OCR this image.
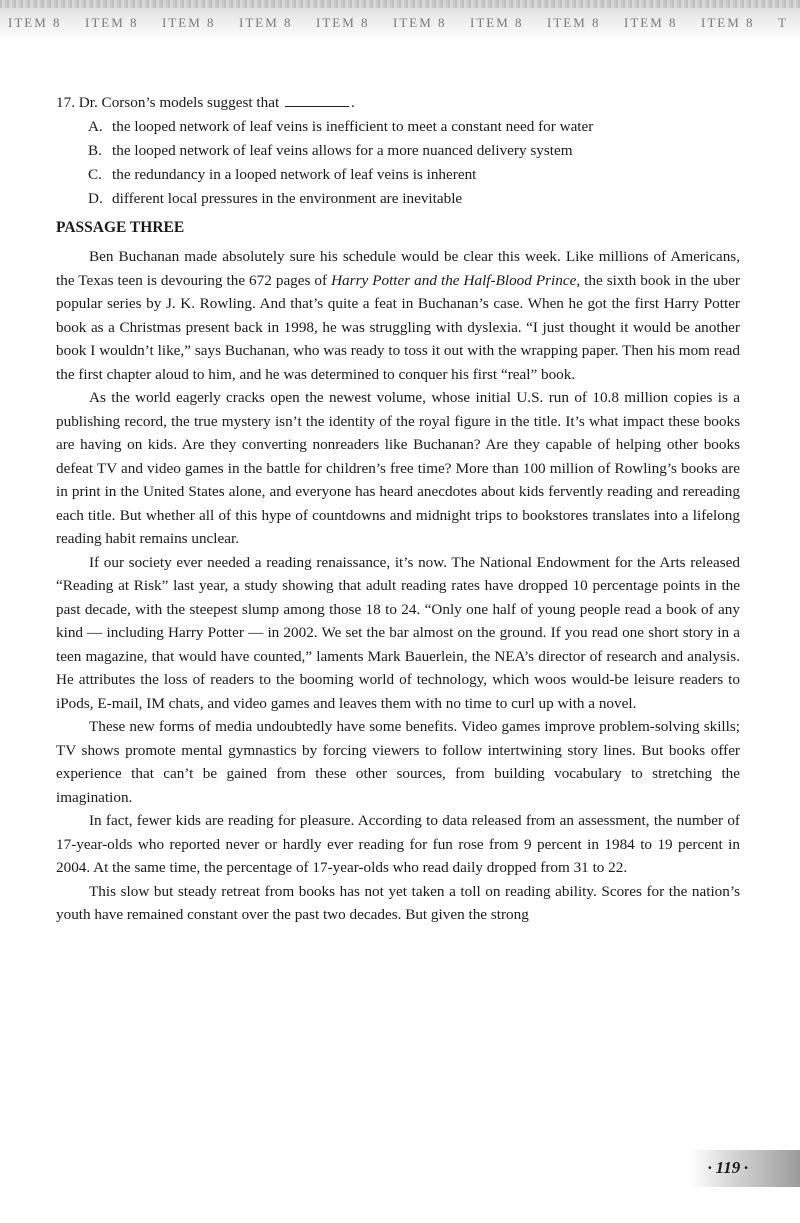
ITEM 8	ITEM 8	ITEM 8	ITEM 8	ITEM 8	ITEM 8	ITEM 8	ITEM 8	ITEM 8	ITEM 8	T

17. Dr. Corson’s models suggest that	.

A. the looped network of leaf veins is inefficient to meet a constant need for water
B. the looped network of leaf veins allows for a more nuanced delivery system
C. the redundancy in a looped network of leaf veins is inherent
D. different local pressures in the environment are inevitable
PASSAGE THREE

Ben Buchanan made absolutely sure his schedule would be clear this week. Like millions of Americans, the Texas teen is devouring the 672 pages of Harry Potter and the Half-Blood Prince, the sixth book in the uber popular series by J. K. Rowling. And that’s quite a feat in Buchanan’s case. When he got the first Harry Potter book as a Christmas present back in 1998, he was struggling with dyslexia. “I just thought it would be another book I wouldn’t like,” says Buchanan, who was ready to toss it out with the wrapping paper. Then his mom read the first chapter aloud to him, and he was determined to conquer his first “real” book.

As the world eagerly cracks open the newest volume, whose initial U.S. run of 10.8 million copies is a publishing record, the true mystery isn’t the identity of the royal figure in the title. It’s what impact these books are having on kids. Are they converting nonreaders like Buchanan? Are they capable of helping other books defeat TV and video games in the battle for children’s free time? More than 100 million of Rowling’s books are in print in the United States alone, and everyone has heard anecdotes about kids fervently reading and rereading each title. But whether all of this hype of countdowns and midnight trips to bookstores translates into a lifelong reading habit remains unclear.

If our society ever needed a reading renaissance, it’s now. The National Endowment for the Arts released “Reading at Risk” last year, a study showing that adult reading rates have dropped 10 percentage points in the past decade, with the steepest slump among those 18 to 24. “Only one half of young people read a book of any kind — including Harry Potter — in 2002. We set the bar almost on the ground. If you read one short story in a teen magazine, that would have counted,” laments Mark Bauerlein, the NEA’s director of research and analysis. He attributes the loss of readers to the booming world of technology, which woos would-be leisure readers to iPods, E-mail, IM chats, and video games and leaves them with no time to curl up with a novel.

These new forms of media undoubtedly have some benefits. Video games improve problem-solving skills; TV shows promote mental gymnastics by forcing viewers to follow intertwining story lines. But books offer experience that can’t be gained from these other sources, from building vocabulary to stretching the imagination.

In fact, fewer kids are reading for pleasure. According to data released from an assessment, the number of 17-year-olds who reported never or hardly ever reading for fun rose from 9 percent in 1984 to 19 percent in 2004. At the same time, the percentage of 17-year-olds who read daily dropped from 31 to 22.

This slow but steady retreat from books has not yet taken a toll on reading ability. Scores for the nation’s youth have remained constant over the past two decades. But given the strong

· 119 ·
